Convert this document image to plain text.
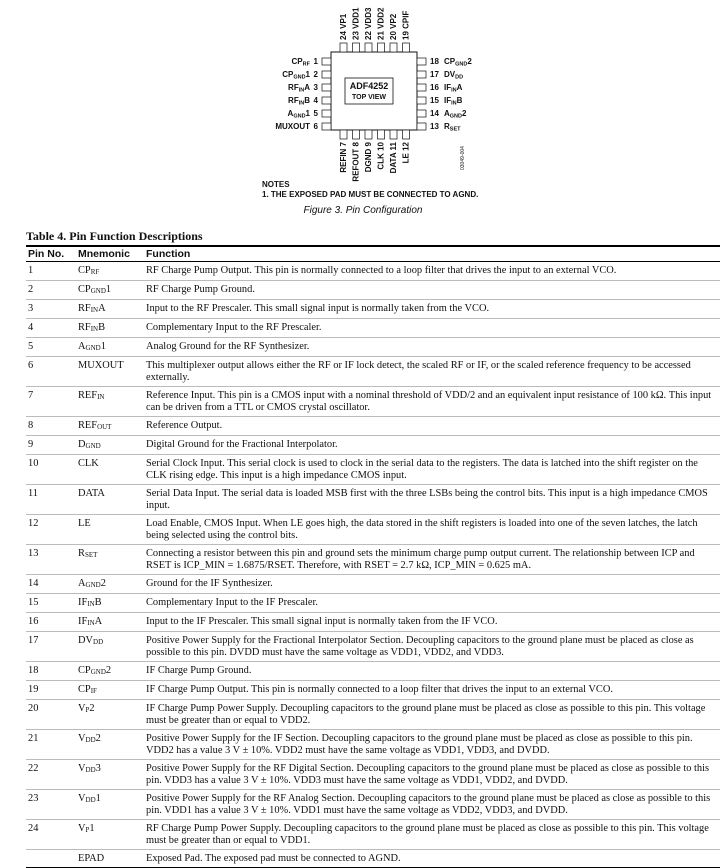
ADF4252
TOP VIEW
CPRF 1
CPGND1 2
RFINA 3
RFINB 4
AGND1 5
MUXOUT 6
18 CPGND2
17 DVDD
16 IFINA
15 IFINB
14 AGND2
13 RSET
24 VP1 23 VDD1 22 VDD3 21 VDD2 20 VP2 19 CPIF
REFIN 7 REFOUT 8 DGND 9 CLK 10 DATA 11 LE 12
NOTES
1. THE EXPOSED PAD MUST BE CONNECTED TO AGND.
03049-004
Figure 3. Pin Configuration
Table 4. Pin Function Descriptions
Pin No.	Mnemonic	Function
1	CPRF	RF Charge Pump Output. This pin is normally connected to a loop filter that drives the input to an external VCO.
2	CPGND1	RF Charge Pump Ground.
3	RFINA	Input to the RF Prescaler. This small signal input is normally taken from the VCO.
4	RFINB	Complementary Input to the RF Prescaler.
5	AGND1	Analog Ground for the RF Synthesizer.
6	MUXOUT	This multiplexer output allows either the RF or IF lock detect, the scaled RF or IF, or the scaled reference frequency to be accessed externally.
7	REFIN	Reference Input. This pin is a CMOS input with a nominal threshold of VDD/2 and an equivalent input resistance of 100 kΩ. This input can be driven from a TTL or CMOS crystal oscillator.
8	REFOUT	Reference Output.
9	DGND	Digital Ground for the Fractional Interpolator.
10	CLK	Serial Clock Input. This serial clock is used to clock in the serial data to the registers. The data is latched into the shift register on the CLK rising edge. This input is a high impedance CMOS input.
11	DATA	Serial Data Input. The serial data is loaded MSB first with the three LSBs being the control bits. This input is a high impedance CMOS input.
12	LE	Load Enable, CMOS Input. When LE goes high, the data stored in the shift registers is loaded into one of the seven latches, the latch being selected using the control bits.
13	RSET	Connecting a resistor between this pin and ground sets the minimum charge pump output current. The relationship between ICP and RSET is ICP_MIN = 1.6875/RSET. Therefore, with RSET = 2.7 kΩ, ICP_MIN = 0.625 mA.
14	AGND2	Ground for the IF Synthesizer.
15	IFINB	Complementary Input to the IF Prescaler.
16	IFINA	Input to the IF Prescaler. This small signal input is normally taken from the IF VCO.
17	DVDD	Positive Power Supply for the Fractional Interpolator Section. Decoupling capacitors to the ground plane must be placed as close as possible to this pin. DVDD must have the same voltage as VDD1, VDD2, and VDD3.
18	CPGND2	IF Charge Pump Ground.
19	CPIF	IF Charge Pump Output. This pin is normally connected to a loop filter that drives the input to an external VCO.
20	VP2	IF Charge Pump Power Supply. Decoupling capacitors to the ground plane must be placed as close as possible to this pin. This voltage must be greater than or equal to VDD2.
21	VDD2	Positive Power Supply for the IF Section. Decoupling capacitors to the ground plane must be placed as close as possible to this pin. VDD2 has a value 3 V ± 10%. VDD2 must have the same voltage as VDD1, VDD3, and DVDD.
22	VDD3	Positive Power Supply for the RF Digital Section. Decoupling capacitors to the ground plane must be placed as close as possible to this pin. VDD3 has a value 3 V ± 10%. VDD3 must have the same voltage as VDD1, VDD2, and DVDD.
23	VDD1	Positive Power Supply for the RF Analog Section. Decoupling capacitors to the ground plane must be placed as close as possible to this pin. VDD1 has a value 3 V ± 10%. VDD1 must have the same voltage as VDD2, VDD3, and DVDD.
24	VP1	RF Charge Pump Power Supply. Decoupling capacitors to the ground plane must be placed as close as possible to this pin. This voltage must be greater than or equal to VDD1.
	EPAD	Exposed Pad. The exposed pad must be connected to AGND.
